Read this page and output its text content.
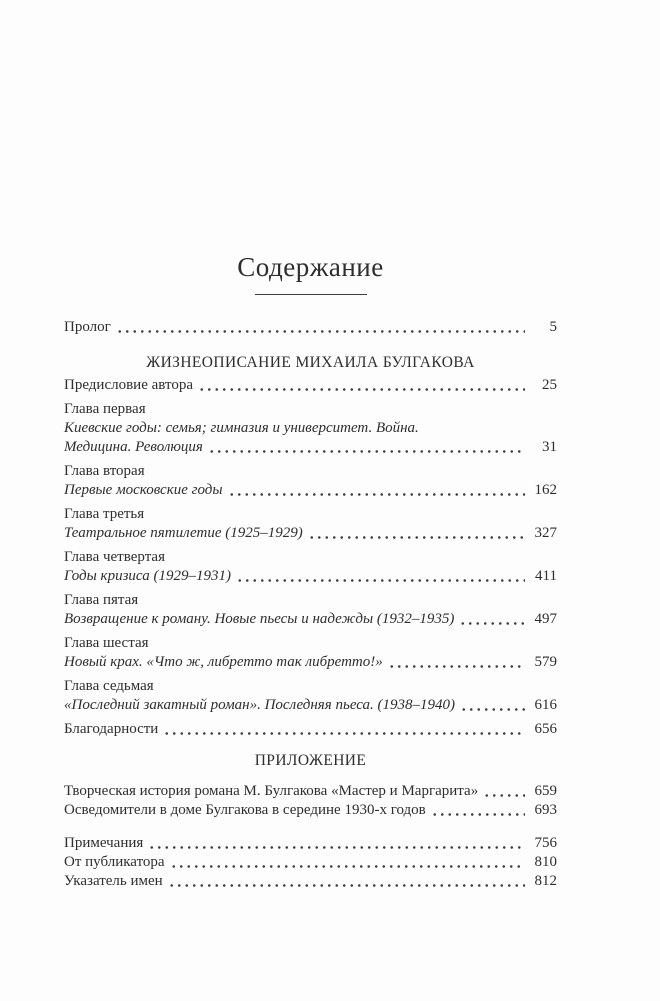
Содержание
Пролог	5
ЖИЗНЕОПИСАНИЕ МИХАИЛА БУЛГАКОВА
Предисловие автора	25
Глава первая
Киевские годы: семья; гимназия и университет. Война.
Медицина. Революция	31
Глава вторая
Первые московские годы	162
Глава третья
Театральное пятилетие (1925–1929)	327
Глава четвертая
Годы кризиса (1929–1931)	411
Глава пятая
Возвращение к роману. Новые пьесы и надежды (1932–1935)	497
Глава шестая
Новый крах. «Что ж, либретто так либретто!»	579
Глава седьмая
«Последний закатный роман». Последняя пьеса. (1938–1940)	616
Благодарности	656
ПРИЛОЖЕНИЕ
Творческая история романа М. Булгакова «Мастер и Маргарита»	659
Осведомители в доме Булгакова в середине 1930-х годов	693
Примечания	756
От публикатора	810
Указатель имен	812
